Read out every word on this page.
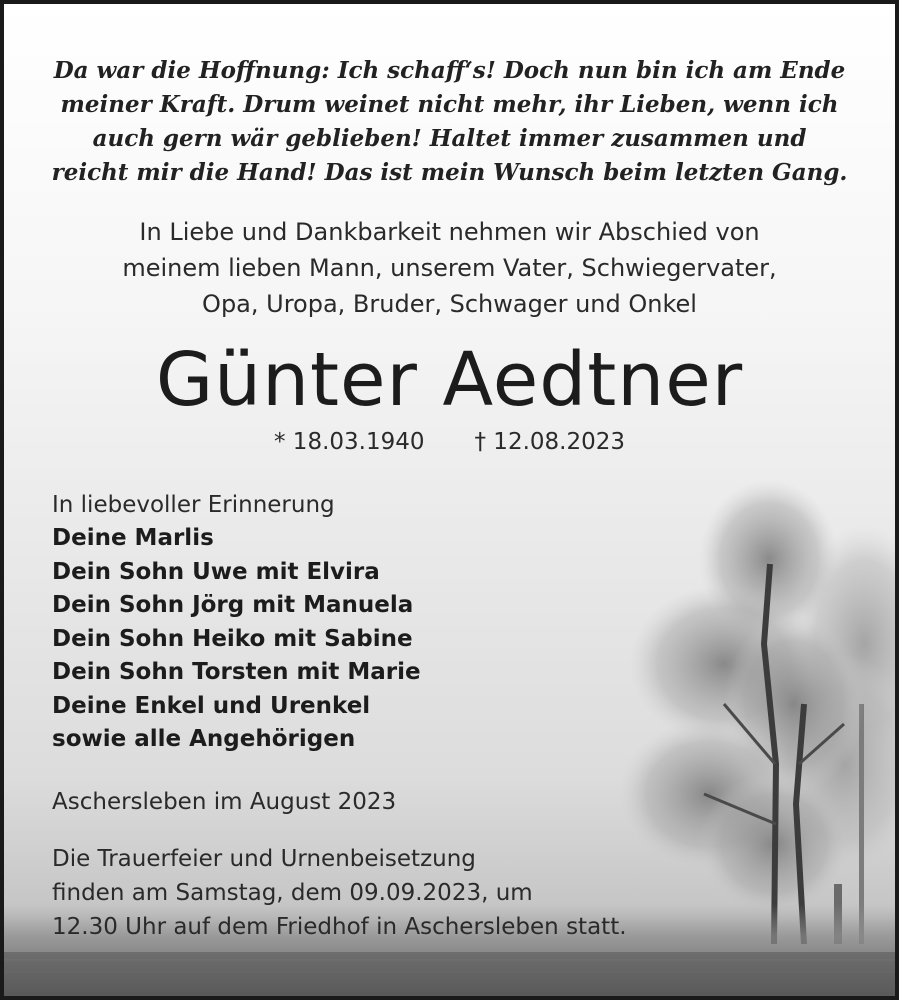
Da war die Hoffnung: Ich schaff‘s! Doch nun bin ich am Ende
meiner Kraft. Drum weinet nicht mehr, ihr Lieben, wenn ich
auch gern wär geblieben! Haltet immer zusammen und
reicht mir die Hand! Das ist mein Wunsch beim letzten Gang.

In Liebe und Dankbarkeit nehmen wir Abschied von
meinem lieben Mann, unserem Vater, Schwiegervater,
Opa, Uropa, Bruder, Schwager und Onkel

Günter Aedtner
* 18.03.1940 † 12.08.2023
In liebevoller Erinnerung
Deine Marlis
Dein Sohn Uwe mit Elvira
Dein Sohn Jörg mit Manuela
Dein Sohn Heiko mit Sabine
Dein Sohn Torsten mit Marie
Deine Enkel und Urenkel
sowie alle Angehörigen
Aschersleben im August 2023

Die Trauerfeier und Urnenbeisetzung
finden am Samstag, dem 09.09.2023, um
12.30 Uhr auf dem Friedhof in Aschersleben statt.
